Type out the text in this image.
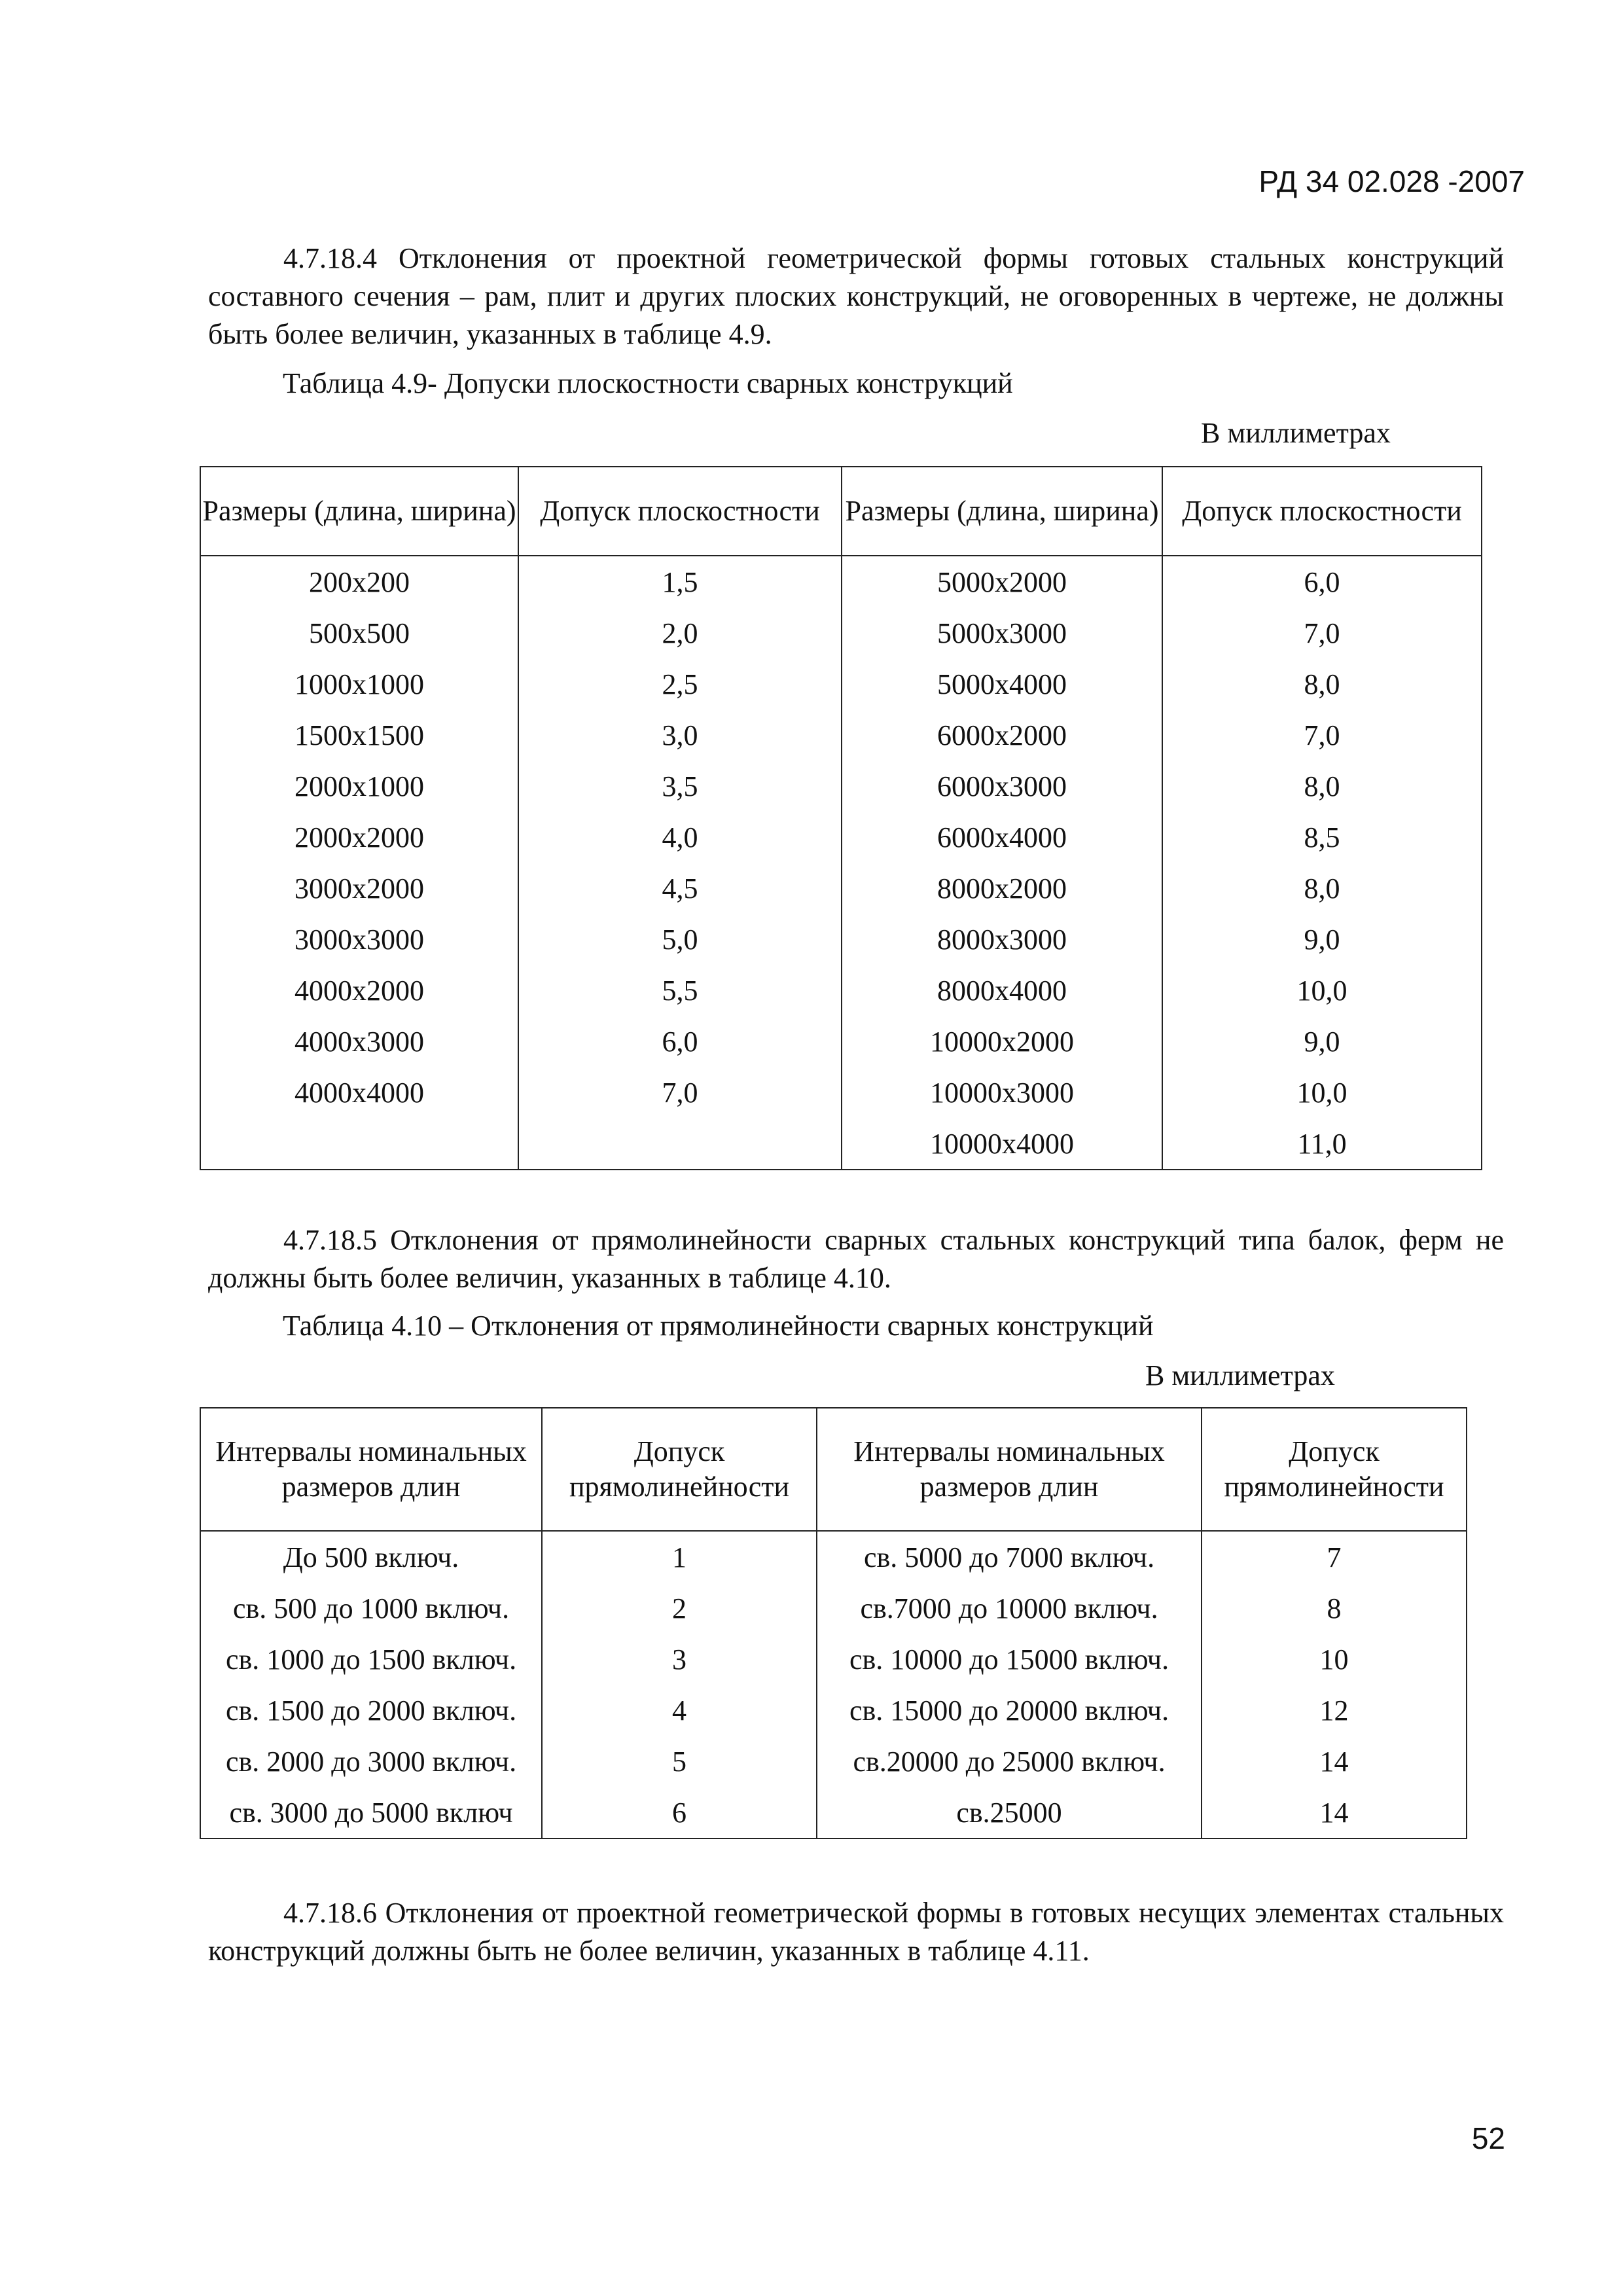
РД 34 02.028 -2007

4.7.18.4 Отклонения от проектной геометрической формы готовых стальных конструкций составного сечения – рам, плит и других плоских конструкций, не оговоренных в чертеже, не должны быть более величин, указанных в таблице 4.9.

Таблица 4.9- Допуски плоскостности сварных конструкций

В миллиметрах

Размеры (длина, ширина)	Допуск плоскостности	Размеры (длина, ширина)	Допуск плоскостности
200x200	1,5	5000x2000	6,0
500x500	2,0	5000x3000	7,0
1000x1000	2,5	5000x4000	8,0
1500x1500	3,0	6000x2000	7,0
2000x1000	3,5	6000x3000	8,0
2000x2000	4,0	6000x4000	8,5
3000x2000	4,5	8000x2000	8,0
3000x3000	5,0	8000x3000	9,0
4000x2000	5,5	8000x4000	10,0
4000x3000	6,0	10000x2000	9,0
4000x4000	7,0	10000x3000	10,0
		10000x4000	11,0

4.7.18.5 Отклонения от прямолинейности сварных стальных конструкций типа балок, ферм не должны быть более величин, указанных в таблице 4.10.

Таблица 4.10 – Отклонения от прямолинейности сварных конструкций

В миллиметрах

Интервалы номинальных размеров длин	Допуск прямолинейности	Интервалы номинальных размеров длин	Допуск прямолинейности
До 500 включ.	1	св. 5000 до 7000 включ.	7
св. 500 до 1000 включ.	2	св.7000 до 10000 включ.	8
св. 1000 до 1500 включ.	3	св. 10000 до 15000 включ.	10
св. 1500 до 2000 включ.	4	св. 15000 до 20000 включ.	12
св. 2000 до 3000 включ.	5	св.20000 до 25000 включ.	14
св. 3000 до 5000 включ	6	св.25000	14

4.7.18.6 Отклонения от проектной геометрической формы в готовых несущих элементах стальных конструкций должны быть не более величин, указанных в таблице 4.11.

52
